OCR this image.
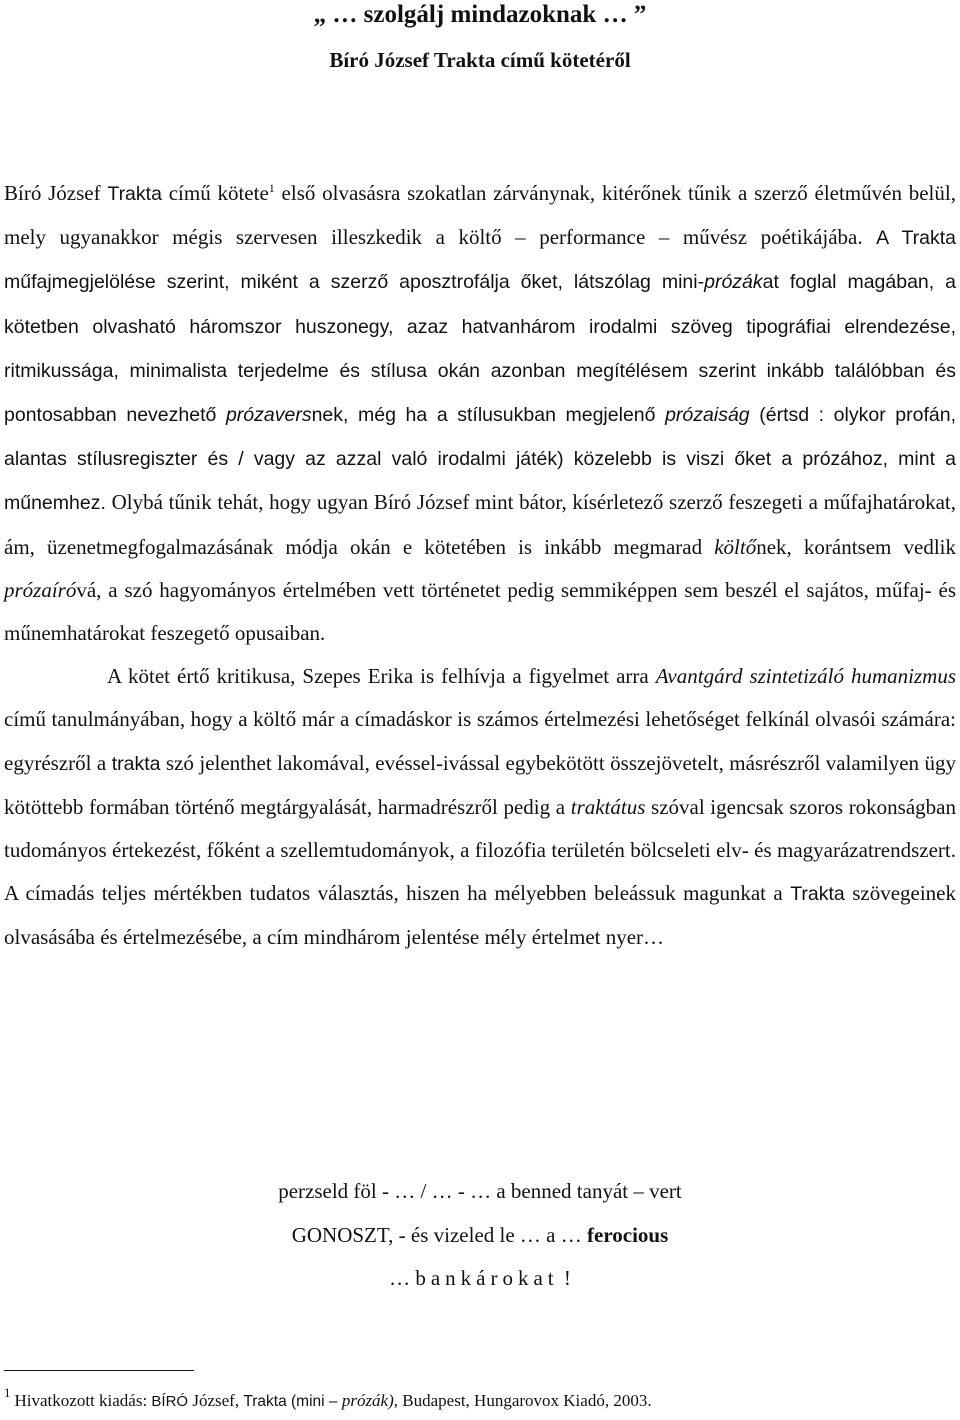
„ … szolgálj mindazoknak … ”
Bíró József Trakta című kötetéről

Bíró József Trakta című kötete$^1$ első olvasásra szokatlan zárványnak, kitérőnek tűnik a szerző életművén belül, mely ugyanakkor mégis szervesen illeszkedik a költő – performance – művész poétikájába. A Trakta műfajmegjelölése szerint, miként a szerző aposztrofálja őket, látszólag mini-prózákat foglal magában, a kötetben olvasható háromszor huszonegy, azaz hatvanhárom irodalmi szöveg tipográfiai elrendezése, ritmikussága, minimalista terjedelme és stílusa okán azonban megítélésem szerint inkább találóbban és pontosabban nevezhető prózaversnek, még ha a stílusukban megjelenő prózaiság (értsd : olykor profán, alantas stílusregiszter és / vagy az azzal való irodalmi játék) közelebb is viszi őket a prózához, mint a műnemhez. Olybá tűnik tehát, hogy ugyan Bíró József mint bátor, kísérletező szerző feszegeti a műfajhatárokat, ám, üzenetmegfogalmazásának módja okán e kötetében is inkább megmarad költőnek, korántsem vedlik prózaíróvá, a szó hagyományos értelmében vett történetet pedig semmiképpen sem beszél el sajátos, műfaj- és műnemhatárokat feszegető opusaiban.

A kötet értő kritikusa, Szepes Erika is felhívja a figyelmet arra Avantgárd szintetizáló humanizmus című tanulmányában, hogy a költő már a címadáskor is számos értelmezési lehetőséget felkínál olvasói számára: egyrészről a trakta szó jelenthet lakomával, evéssel-ivással egybekötött összejövetelt, másrészről valamilyen ügy kötöttebb formában történő megtárgyalását, harmadrészről pedig a traktátus szóval igencsak szoros rokonságban tudományos értekezést, főként a szellemtudományok, a filozófia területén bölcseleti elv- és magyarázatrendszert. A címadás teljes mértékben tudatos választás, hiszen ha mélyebben beleássuk magunkat a Trakta szövegeinek olvasásába és értelmezésébe, a cím mindhárom jelentése mély értelmet nyer…

perzseld föl - … / … - … a benned tanyát – vert
GONOSZT, - és vizeled le … a … ferocious
… bankárokat !
$^1$ Hivatkozott kiadás: BÍRÓ József, Trakta (mini – prózák), Budapest, Hungarovox Kiadó, 2003.
